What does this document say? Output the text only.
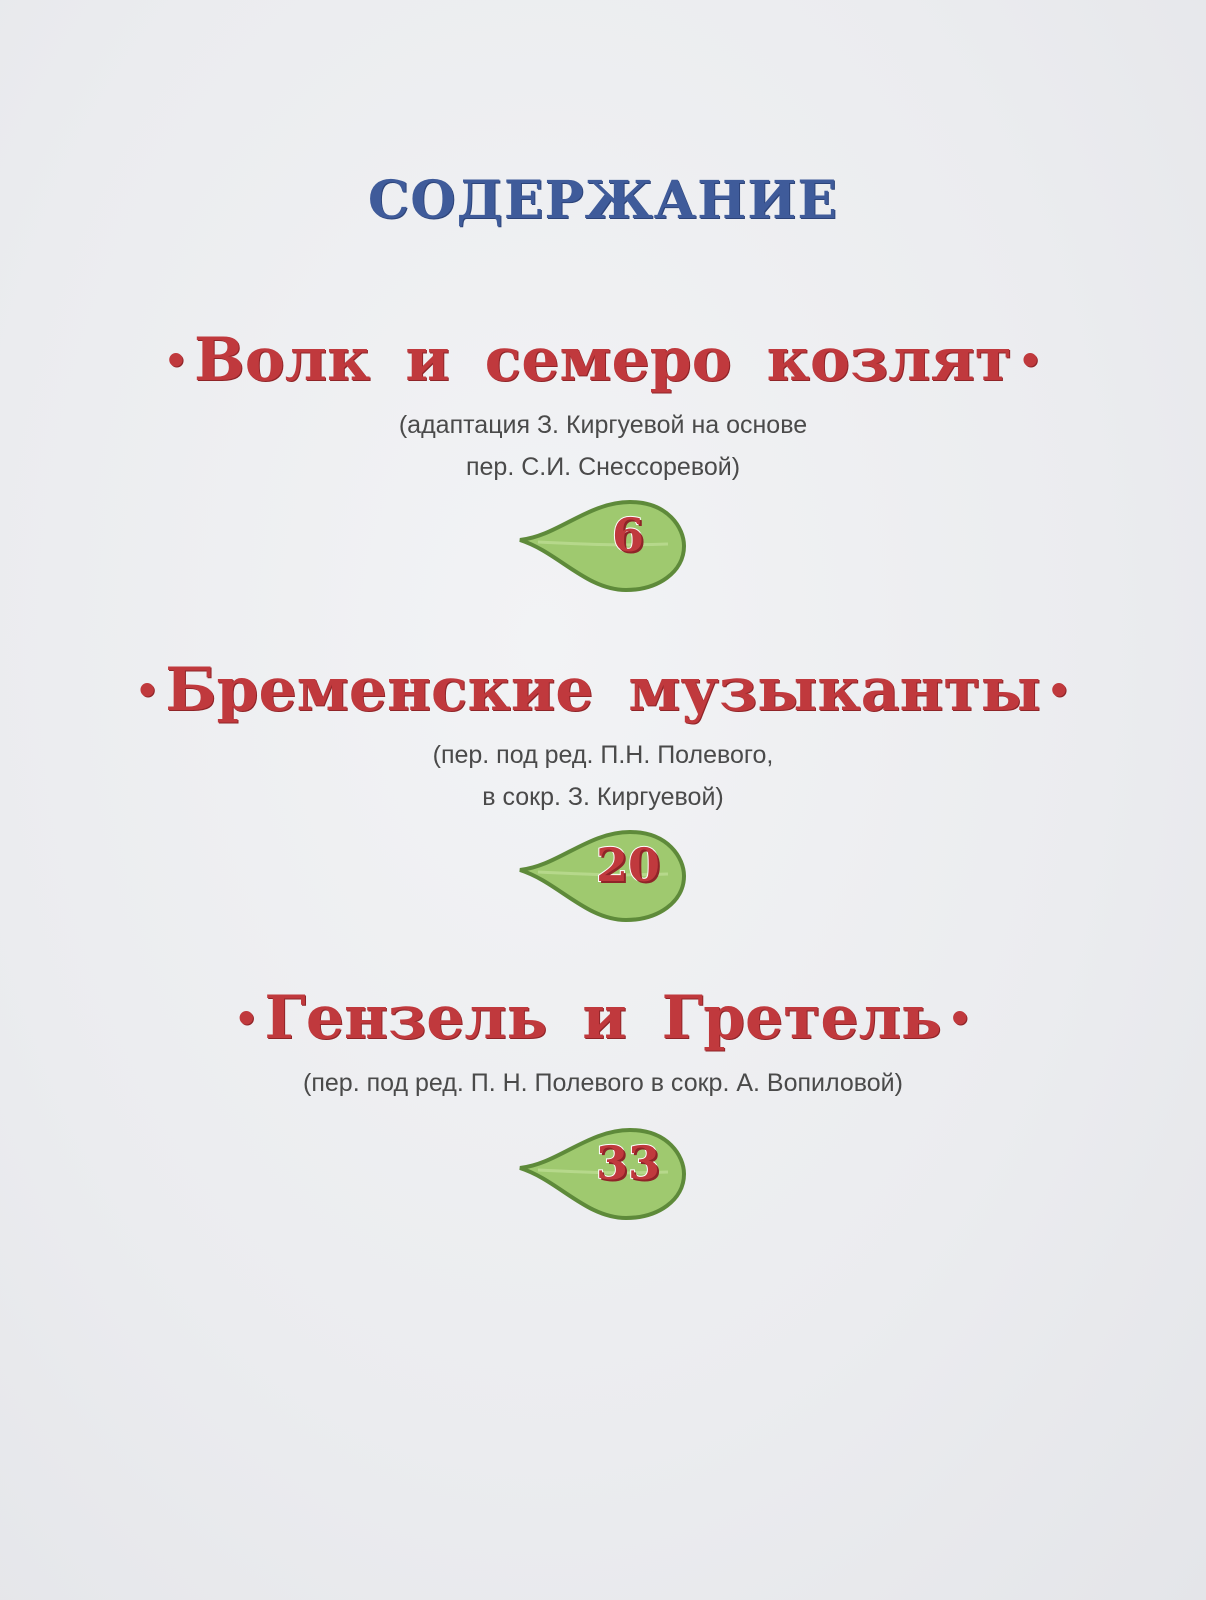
СОДЕРЖАНИЕ
• Волк и семеро козлят •

(адаптация З. Киргуевой на основе

пер. С.И. Снессоревой)

6
• Бременские музыканты •

(пер. под ред. П.Н. Полевого,

в сокр. З. Киргуевой)

20
• Гензель и Гретель •

(пер. под ред. П. Н. Полевого в сокр. А. Вопиловой)

33
